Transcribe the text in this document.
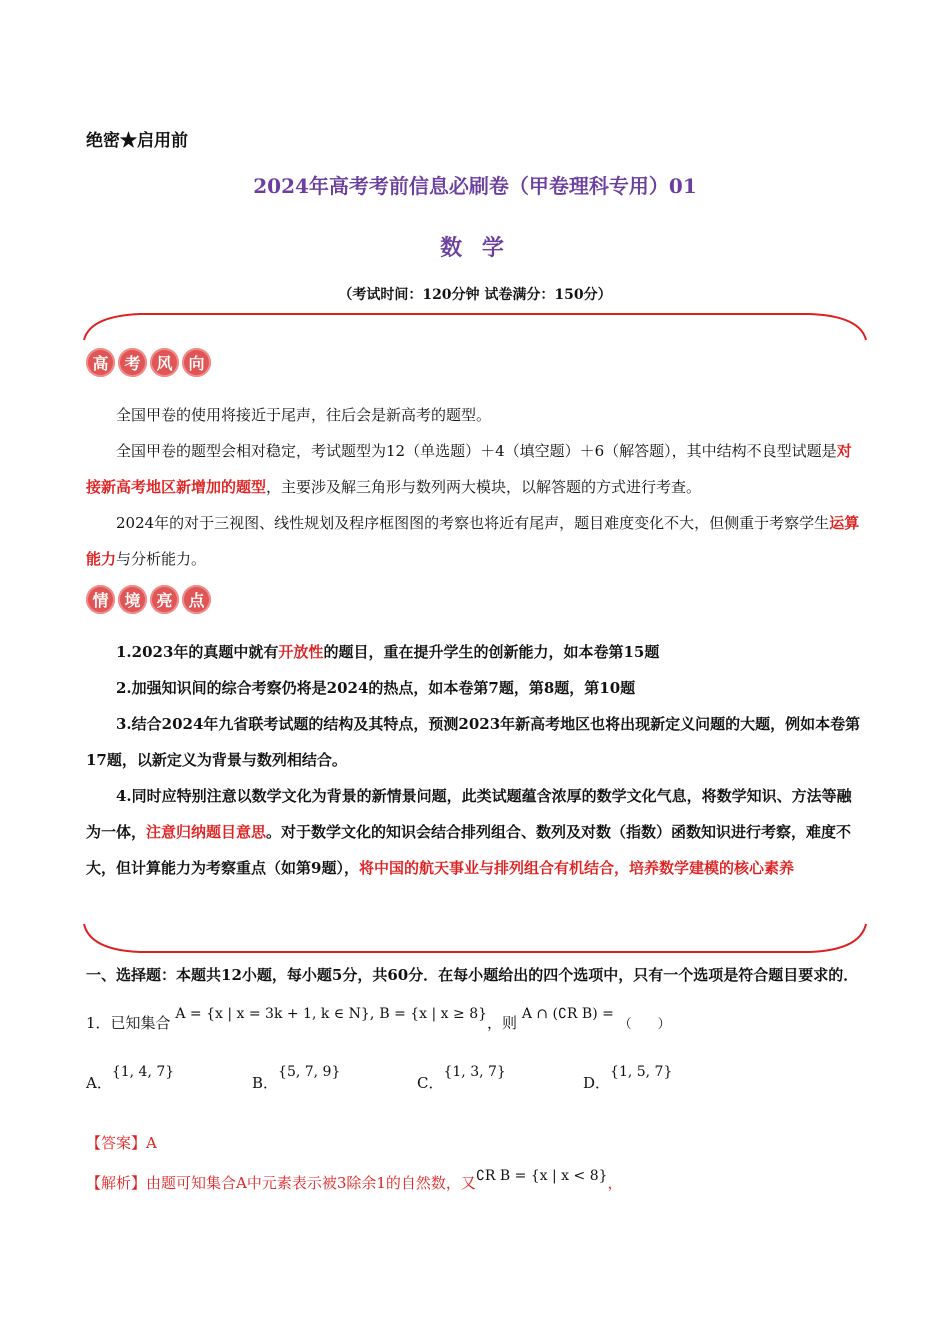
绝密★启用前
2024年高考考前信息必刷卷（甲卷理科专用）01
数 学
（考试时间：120分钟 试卷满分：150分）
高 考 风 向
全国甲卷的使用将接近于尾声，往后会是新高考的题型。
全国甲卷的题型会相对稳定，考试题型为12（单选题）＋4（填空题）＋6（解答题），其中结构不良型试题是对接新高考地区新增加的题型，主要涉及解三角形与数列两大模块，以解答题的方式进行考查。
2024年的对于三视图、线性规划及程序框图图的考察也将近有尾声，题目难度变化不大，但侧重于考察学生运算能力与分析能力。
情 境 亮 点
1.2023年的真题中就有开放性的题目，重在提升学生的创新能力，如本卷第15题
2.加强知识间的综合考察仍将是2024的热点，如本卷第7题，第8题，第10题
3.结合2024年九省联考试题的结构及其特点，预测2023年新高考地区也将出现新定义问题的大题，例如本卷第17题，以新定义为背景与数列相结合。
4.同时应特别注意以数学文化为背景的新情景问题，此类试题蕴含浓厚的数学文化气息，将数学知识、方法等融为一体，注意归纳题目意思。对于数学文化的知识会结合排列组合、数列及对数（指数）函数知识进行考察，难度不大，但计算能力为考察重点（如第9题），将中国的航天事业与排列组合有机结合，培养数学建模的核心素养
一、选择题：本题共12小题，每小题5分，共60分．在每小题给出的四个选项中，只有一个选项是符合题目要求的．
1．已知集合 A = {x | x = 3k + 1, k ∈ N}, B = {x | x ≥ 8}，则 A ∩ (∁R B) = （　　）
A．{1, 4, 7}
B．{5, 7, 9}
C．{1, 3, 7}
D．{1, 5, 7}
【答案】A
【解析】由题可知集合A中元素表示被3除余1的自然数，又∁R B = {x | x < 8}，
